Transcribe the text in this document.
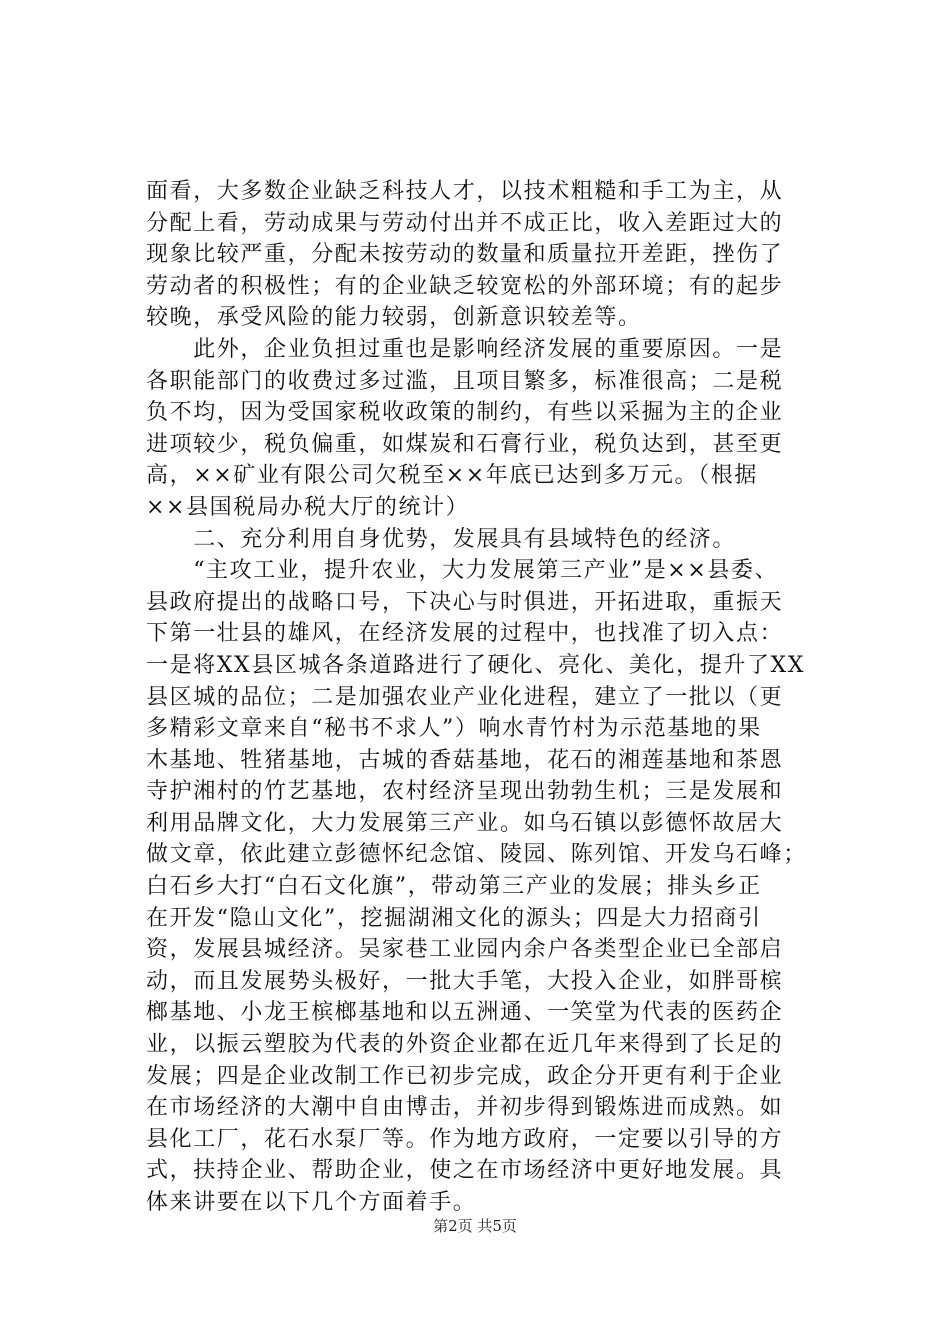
面看，大多数企业缺乏科技人才，以技术粗糙和手工为主，从
分配上看，劳动成果与劳动付出并不成正比，收入差距过大的
现象比较严重，分配未按劳动的数量和质量拉开差距，挫伤了
劳动者的积极性；有的企业缺乏较宽松的外部环境；有的起步
较晚，承受风险的能力较弱，创新意识较差等。
　　此外，企业负担过重也是影响经济发展的重要原因。一是
各职能部门的收费过多过滥，且项目繁多，标准很高；二是税
负不均，因为受国家税收政策的制约，有些以采掘为主的企业
进项较少，税负偏重，如煤炭和石膏行业，税负达到，甚至更
高，××矿业有限公司欠税至××年底已达到多万元。（根据
××县国税局办税大厅的统计）
　　二、充分利用自身优势，发展具有县域特色的经济。
　　“主攻工业，提升农业，大力发展第三产业”是××县委、
县政府提出的战略口号，下决心与时俱进，开拓进取，重振天
下第一壮县的雄风，在经济发展的过程中，也找准了切入点：
一是将XX县区城各条道路进行了硬化、亮化、美化，提升了XX
县区城的品位；二是加强农业产业化进程，建立了一批以（更
多精彩文章来自“秘书不求人”）响水青竹村为示范基地的果
木基地、牲猪基地，古城的香菇基地，花石的湘莲基地和茶恩
寺护湘村的竹艺基地，农村经济呈现出勃勃生机；三是发展和
利用品牌文化，大力发展第三产业。如乌石镇以彭德怀故居大
做文章，依此建立彭德怀纪念馆、陵园、陈列馆、开发乌石峰；
白石乡大打“白石文化旗”，带动第三产业的发展；排头乡正
在开发“隐山文化”，挖掘湖湘文化的源头；四是大力招商引
资，发展县城经济。吴家巷工业园内余户各类型企业已全部启
动，而且发展势头极好，一批大手笔，大投入企业，如胖哥槟
榔基地、小龙王槟榔基地和以五洲通、一笑堂为代表的医药企
业，以振云塑胶为代表的外资企业都在近几年来得到了长足的
发展；四是企业改制工作已初步完成，政企分开更有利于企业
在市场经济的大潮中自由博击，并初步得到锻炼进而成熟。如
县化工厂，花石水泵厂等。作为地方政府，一定要以引导的方
式，扶持企业、帮助企业，使之在市场经济中更好地发展。具
体来讲要在以下几个方面着手。
第2页 共5页
